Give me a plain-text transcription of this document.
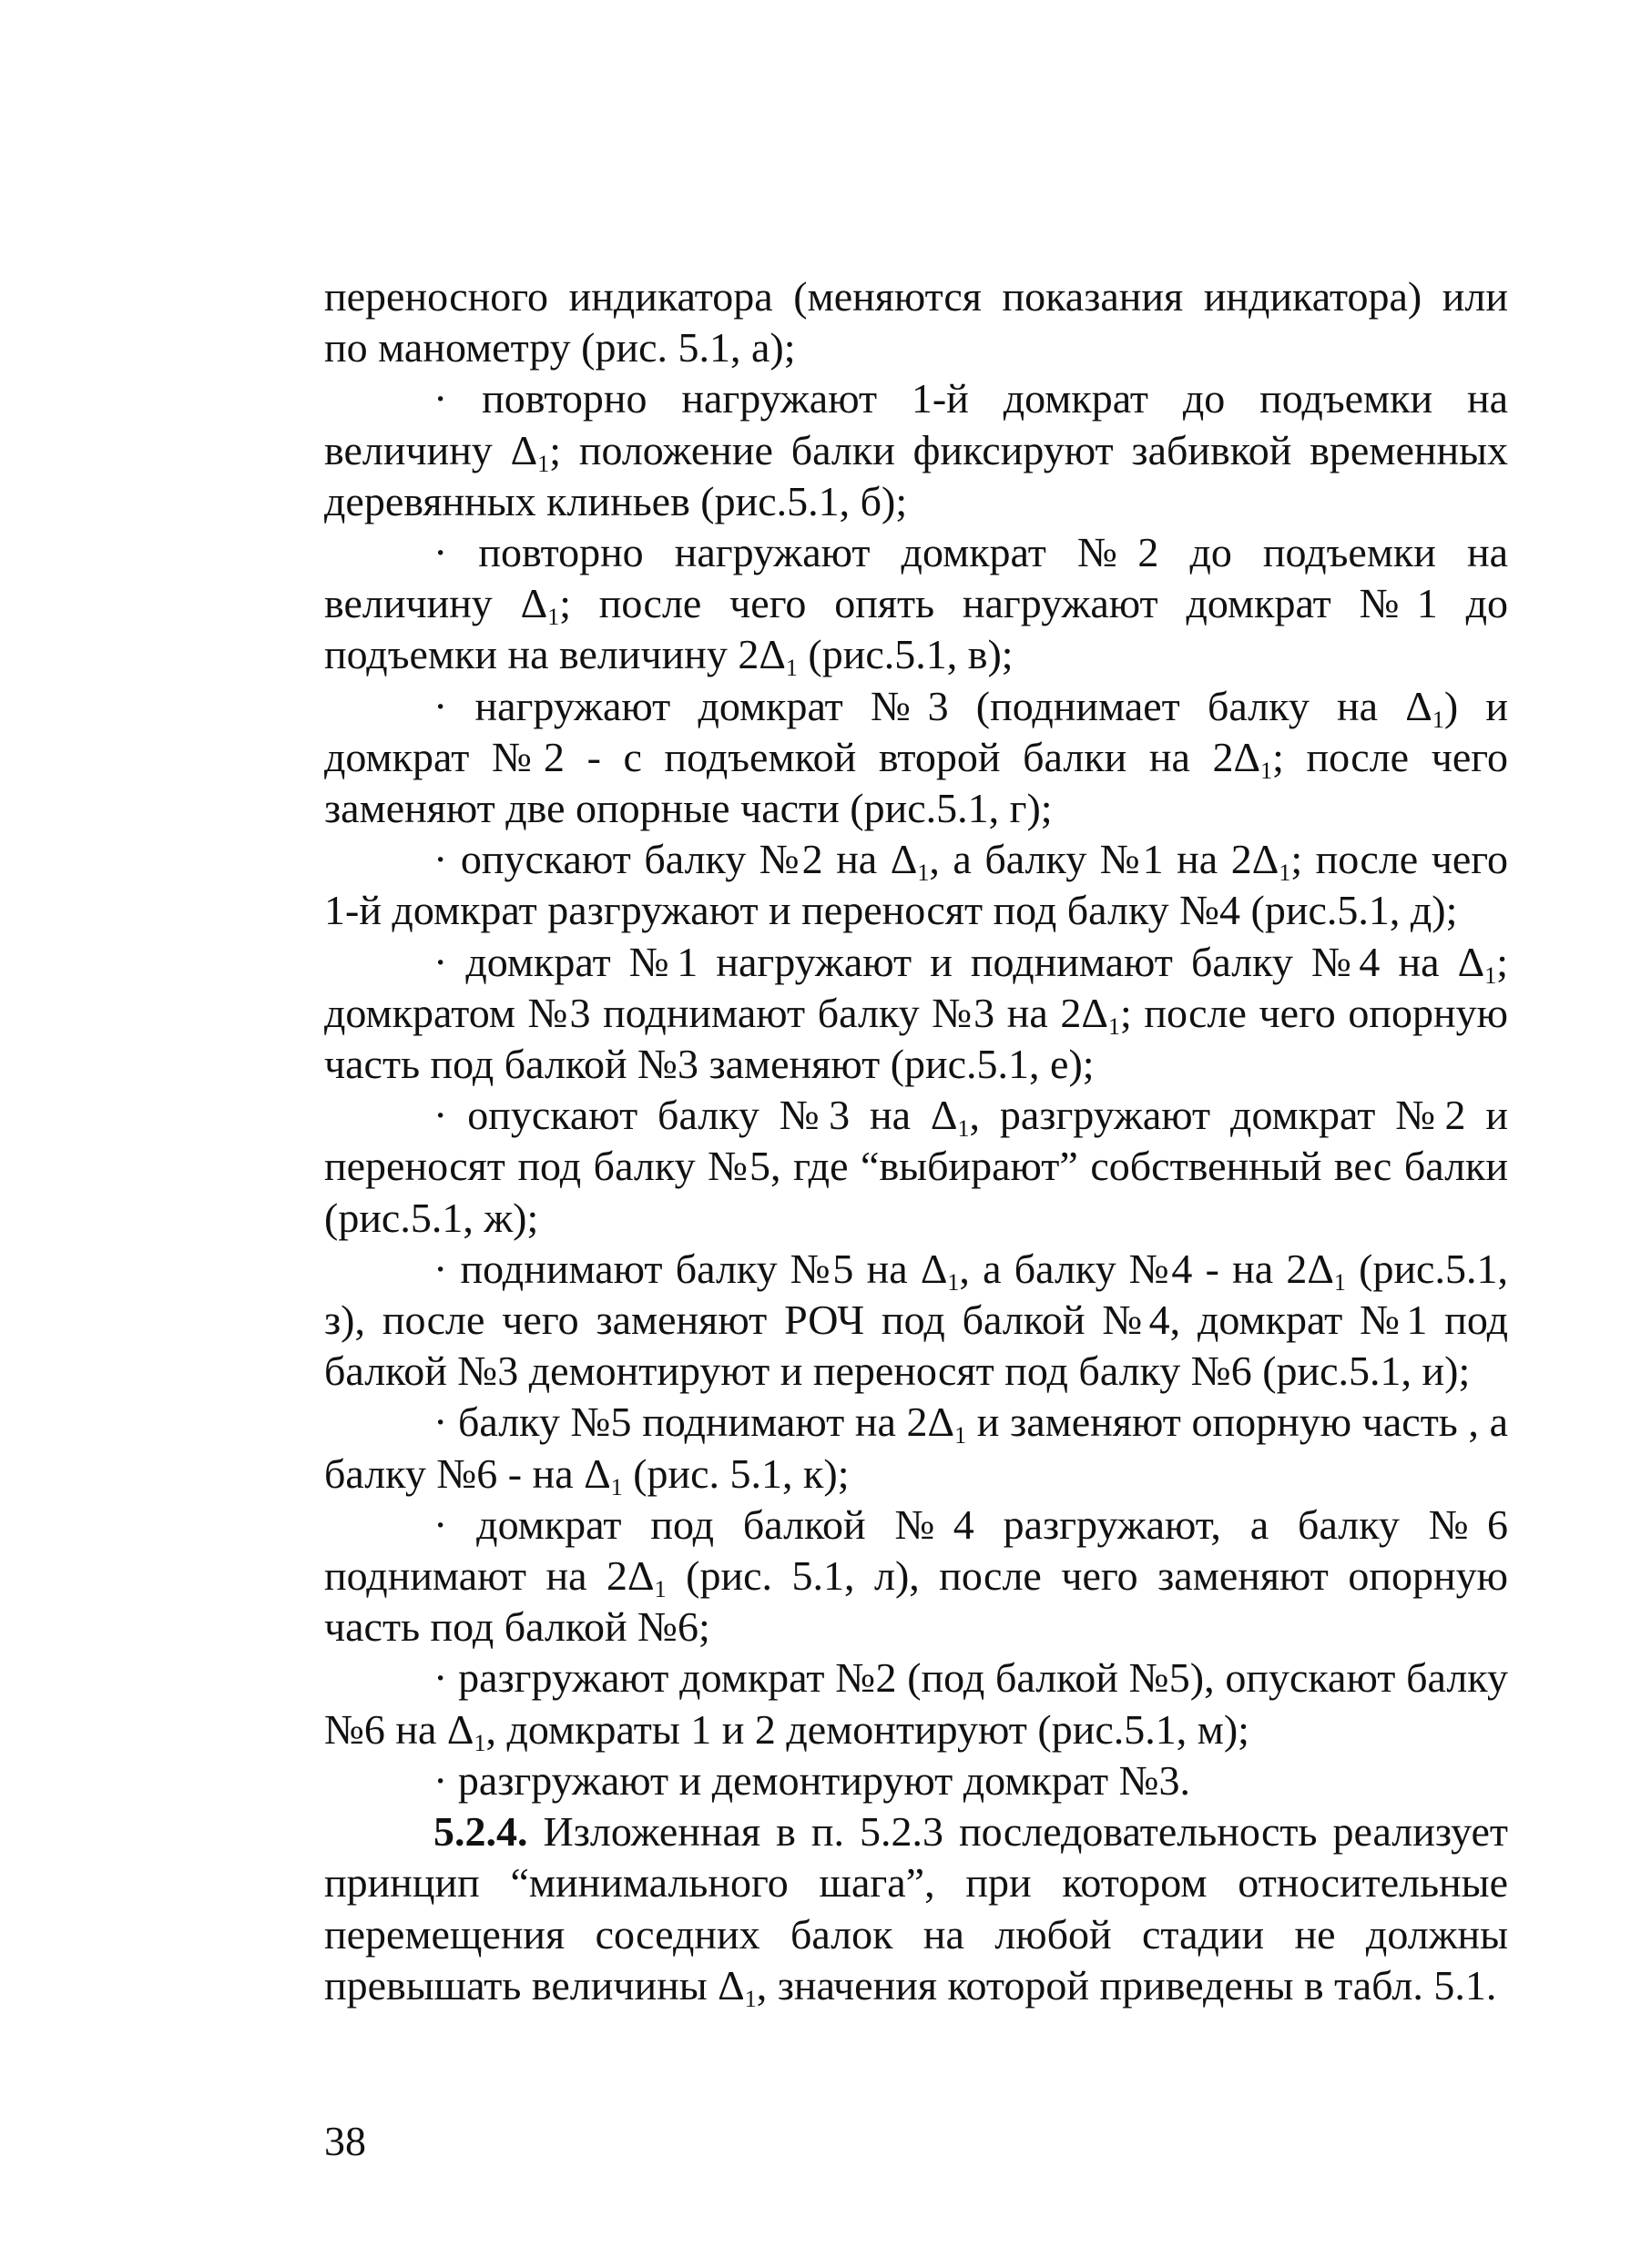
переносного индикатора (меняются показания индикатора) или по манометру (рис. 5.1, а);

· повторно нагружают 1-й домкрат до подъемки на величину $\Delta_1$; положение балки фиксируют забивкой временных деревянных клиньев (рис.5.1, б);

· повторно нагружают домкрат №2 до подъемки на величину $\Delta_1$; после чего опять нагружают домкрат №1 до подъемки на величину $2\Delta_1$ (рис.5.1, в);

· нагружают домкрат №3 (поднимает балку на $\Delta_1$) и домкрат №2 - с подъемкой второй балки на $2\Delta_1$; после чего заменяют две опорные части (рис.5.1, г);

· опускают балку №2 на $\Delta_1$, а балку №1 на $2\Delta_1$; после чего 1-й домкрат разгружают и переносят под балку №4 (рис.5.1, д);

· домкрат №1 нагружают и поднимают балку №4 на $\Delta_1$; домкратом №3 поднимают балку №3 на $2\Delta_1$; после чего опорную часть под балкой №3 заменяют (рис.5.1, е);

· опускают балку №3 на $\Delta_1$, разгружают домкрат №2 и переносят под балку №5, где “выбирают” собственный вес балки (рис.5.1, ж);

· поднимают балку №5 на $\Delta_1$, а балку №4 - на $2\Delta_1$ (рис.5.1, з), после чего заменяют РОЧ под балкой №4, домкрат №1 под балкой №3 демонтируют и переносят под балку №6 (рис.5.1, и);

· балку №5 поднимают на $2\Delta_1$ и заменяют опорную часть , а балку №6 - на $\Delta_1$ (рис. 5.1, к);

· домкрат под балкой №4 разгружают, а балку №6 поднимают на $2\Delta_1$ (рис. 5.1, л), после чего заменяют опорную часть под балкой №6;

· разгружают домкрат №2 (под балкой №5), опускают балку №6 на $\Delta_1$, домкраты 1 и 2 демонтируют (рис.5.1, м);

· разгружают и демонтируют домкрат №3.

5.2.4. Изложенная в п. 5.2.3 последовательность реализует принцип “минимального шага”, при котором относительные перемещения соседних балок на любой стадии не должны превышать величины $\Delta_1$, значения которой приведены в табл. 5.1.

38
